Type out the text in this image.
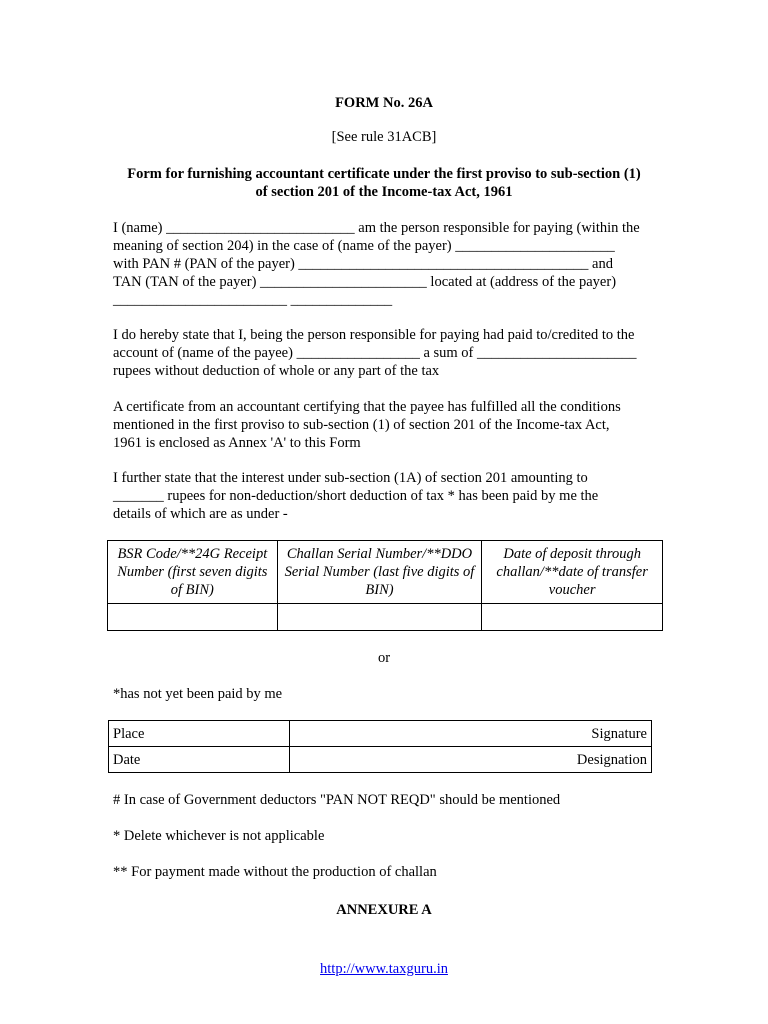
FORM No. 26A
[See rule 31ACB]
Form for furnishing accountant certificate under the first proviso to sub-section (1)
of section 201 of the Income-tax Act, 1961
I (name) __________________________ am the person responsible for paying (within the
meaning of section 204) in the case of (name of the payer) ______________________
with PAN # (PAN of the payer) ________________________________________ and
TAN (TAN of the payer) _______________________ located at (address of the payer)
________________________ ______________
I do hereby state that I, being the person responsible for paying had paid to/credited to the
account of (name of the payee) _________________ a sum of ______________________
rupees without deduction of whole or any part of the tax
A certificate from an accountant certifying that the payee has fulfilled all the conditions
mentioned in the first proviso to sub-section (1) of section 201 of the Income-tax Act,
1961 is enclosed as Annex 'A' to this Form
I further state that the interest under sub-section (1A) of section 201 amounting to
_______ rupees for non-deduction/short deduction of tax * has been paid by me the
details of which are as under -
BSR Code/**24G Receipt Number (first seven digits of BIN)	Challan Serial Number/**DDO Serial Number (last five digits of BIN)	Date of deposit through challan/**date of transfer voucher

or
*has not yet been paid by me
Place	Signature
Date	Designation
# In case of Government deductors "PAN NOT REQD" should be mentioned
* Delete whichever is not applicable
** For payment made without the production of challan
ANNEXURE A
http://www.taxguru.in
